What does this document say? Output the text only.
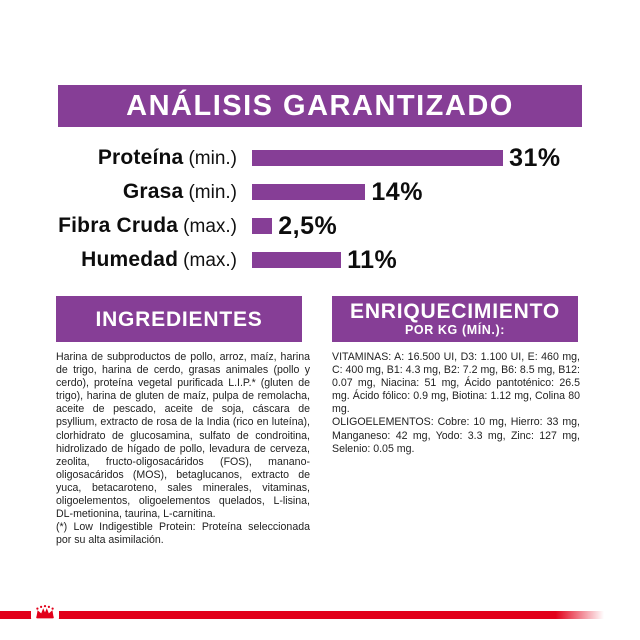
ANÁLISIS GARANTIZADO
Proteína (min.)	31%
Grasa (min.)	14%
Fibra Cruda (max.) 2,5%
Humedad (max.)	11%
INGREDIENTES	ENRIQUECIMIENTO
POR KG (MÍN.):

Harina de subproductos de pollo, arroz, maíz, harina de trigo, harina de cerdo, grasas animales (pollo y cerdo), proteína vegetal purificada L.I.P.* (gluten de trigo), harina de gluten de maíz, pulpa de remolacha, aceite de pescado, aceite de soja, cáscara de psyllium, extracto de rosa de la India (rico en luteína), clorhidrato de glucosamina, sulfato de condroitina, hidrolizado de hígado de pollo, levadura de cerveza, zeolita, fructo-oligosacáridos (FOS), manano-oligosacáridos (MOS), betaglucanos, extracto de yuca, betacaroteno, sales minerales, vitaminas, oligoelementos, oligoelementos quelados, L-lisina, DL-metionina, taurina, L-carnitina.

(*) Low Indigestible Protein: Proteína seleccionada por su alta asimilación.

VITAMINAS: A: 16.500 UI, D3: 1.100 UI, E: 460 mg, C: 400 mg, B1: 4.3 mg, B2: 7.2 mg, B6: 8.5 mg, B12: 0.07 mg, Niacina: 51 mg, Ácido pantoténico: 26.5 mg. Ácido fólico: 0.9 mg, Biotina: 1.12 mg, Colina 80 mg.

OLIGOELEMENTOS: Cobre: 10 mg, Hierro: 33 mg, Manganeso: 42 mg, Yodo: 3.3 mg, Zinc: 127 mg, Selenio: 0.05 mg.
